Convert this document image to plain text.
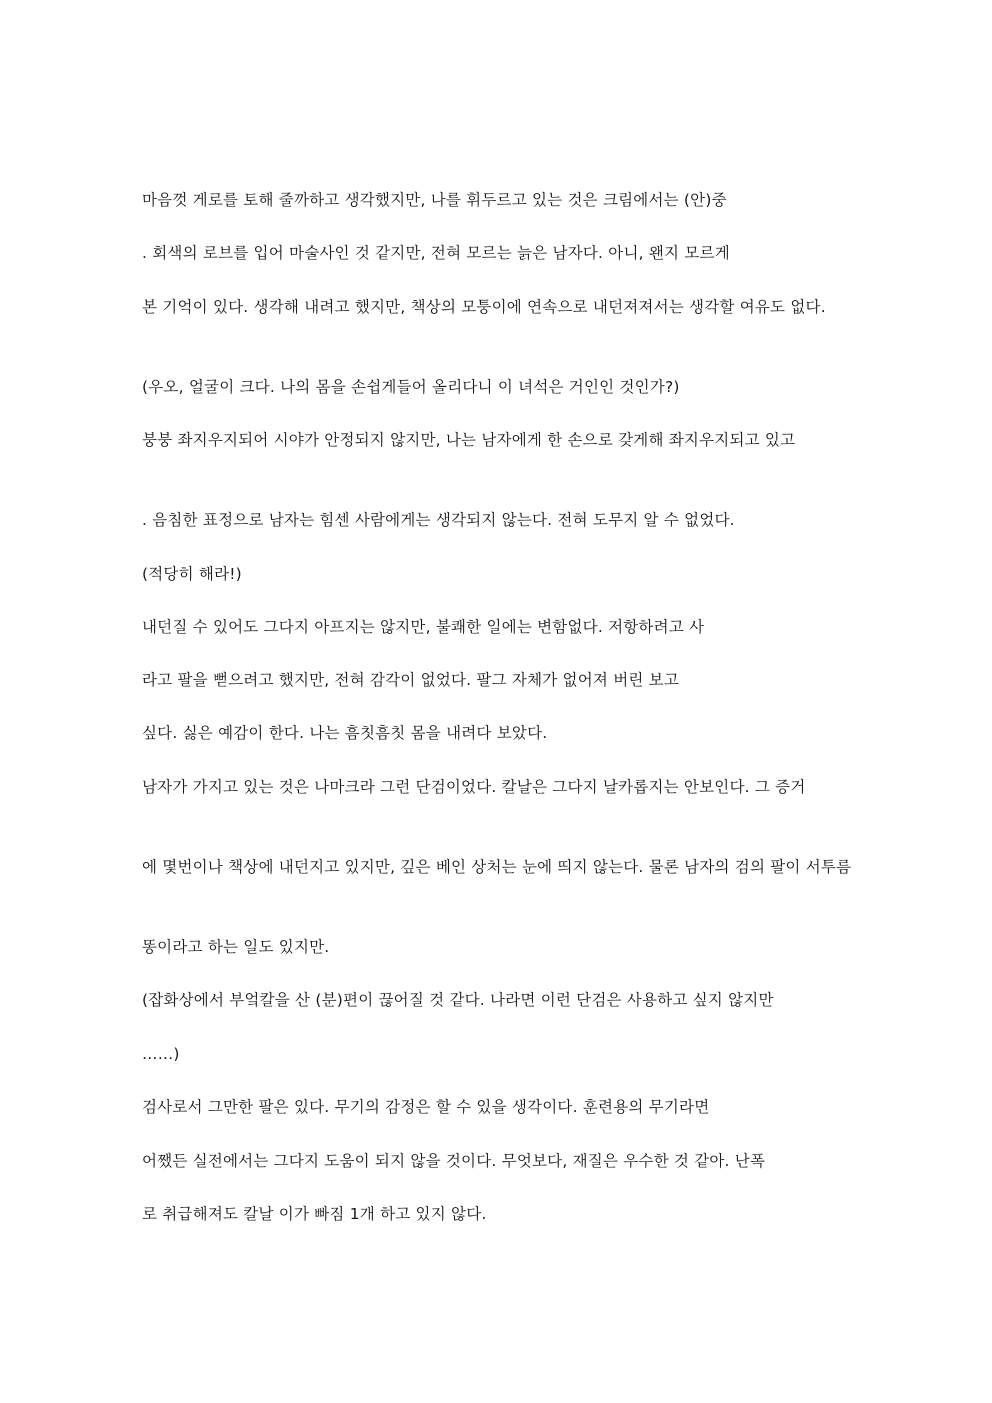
마음껏 게로를 토해 줄까하고 생각했지만, 나를 휘두르고 있는 것은 크림에서는 (안)중

. 회색의 로브를 입어 마술사인 것 같지만, 전혀 모르는 늙은 남자다. 아니, 왠지 모르게

본 기억이 있다. 생각해 내려고 했지만, 책상의 모퉁이에 연속으로 내던져져서는 생각할 여유도 없다.

(우오, 얼굴이 크다. 나의 몸을 손쉽게들어 올리다니 이 녀석은 거인인 것인가?)

붕붕 좌지우지되어 시야가 안정되지 않지만, 나는 남자에게 한 손으로 갖게해 좌지우지되고 있고

. 음침한 표정으로 남자는 힘센 사람에게는 생각되지 않는다. 전혀 도무지 알 수 없었다.

(적당히 해라!)

내던질 수 있어도 그다지 아프지는 않지만, 불쾌한 일에는 변함없다. 저항하려고 사

라고 팔을 뻗으려고 했지만, 전혀 감각이 없었다. 팔그 자체가 없어져 버린 보고

싶다. 싫은 예감이 한다. 나는 흠칫흠칫 몸을 내려다 보았다.

남자가 가지고 있는 것은 나마크라 그런 단검이었다. 칼날은 그다지 날카롭지는 안보인다. 그 증거

에 몇번이나 책상에 내던지고 있지만, 깊은 베인 상처는 눈에 띄지 않는다. 물론 남자의 검의 팔이 서투름

똥이라고 하는 일도 있지만.

(잡화상에서 부엌칼을 산 (분)편이 끊어질 것 같다. 나라면 이런 단검은 사용하고 싶지 않지만

……)

검사로서 그만한 팔은 있다. 무기의 감정은 할 수 있을 생각이다. 훈련용의 무기라면

어쨌든 실전에서는 그다지 도움이 되지 않을 것이다. 무엇보다, 재질은 우수한 것 같아. 난폭

로 취급해져도 칼날 이가 빠짐 1개 하고 있지 않다.
